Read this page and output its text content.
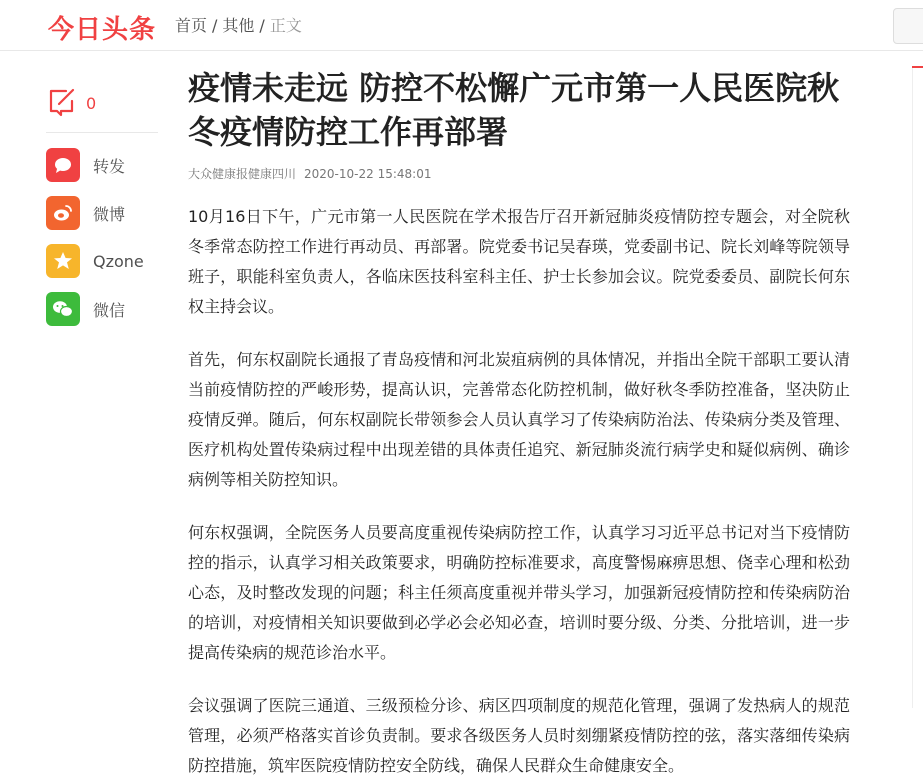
今日头条 首页 / 其他 / 正文
0
转发
微博
Qzone
微信
疫情未走远 防控不松懈广元市第一人民医院秋冬疫情防控工作再部署
大众健康报健康四川 2020-10-22 15:48:01

10月16日下午，广元市第一人民医院在学术报告厅召开新冠肺炎疫情防控专题会，对全院秋冬季常态防控工作进行再动员、再部署。院党委书记吴春瑛，党委副书记、院长刘峰等院领导班子，职能科室负责人，各临床医技科室科主任、护士长参加会议。院党委委员、副院长何东权主持会议。

首先，何东权副院长通报了青岛疫情和河北炭疽病例的具体情况，并指出全院干部职工要认清当前疫情防控的严峻形势，提高认识，完善常态化防控机制，做好秋冬季防控准备，坚决防止疫情反弹。随后，何东权副院长带领参会人员认真学习了传染病防治法、传染病分类及管理、医疗机构处置传染病过程中出现差错的具体责任追究、新冠肺炎流行病学史和疑似病例、确诊病例等相关防控知识。

何东权强调，全院医务人员要高度重视传染病防控工作，认真学习习近平总书记对当下疫情防控的指示，认真学习相关政策要求，明确防控标准要求，高度警惕麻痹思想、侥幸心理和松劲心态，及时整改发现的问题；科主任须高度重视并带头学习，加强新冠疫情防控和传染病防治的培训，对疫情相关知识要做到必学必会必知必查，培训时要分级、分类、分批培训，进一步提高传染病的规范诊治水平。

会议强调了医院三通道、三级预检分诊、病区四项制度的规范化管理，强调了发热病人的规范管理，必须严格落实首诊负责制。要求各级医务人员时刻绷紧疫情防控的弦，落实落细传染病防控措施，筑牢医院疫情防控安全防线，确保人民群众生命健康安全。
